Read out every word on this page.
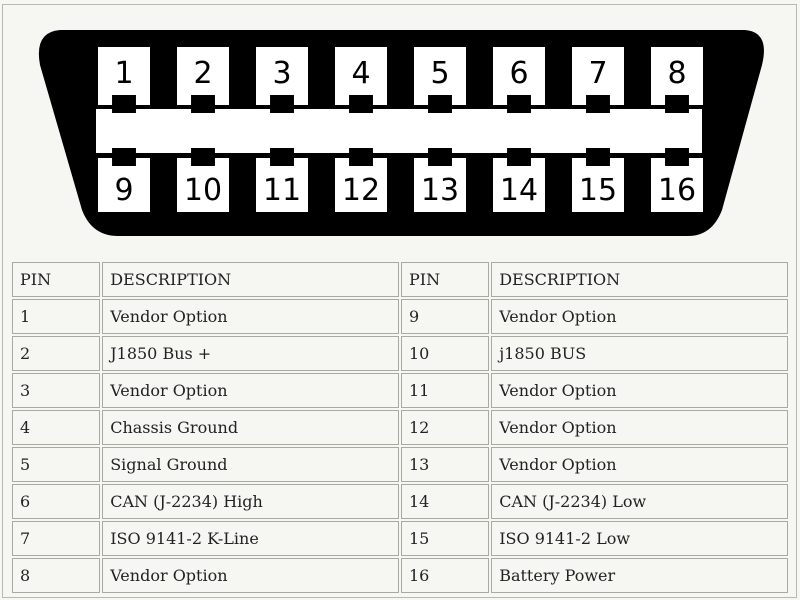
1 2 3 4 5 6 7 8
9 10 11 12 13 14 15 16
PIN	DESCRIPTION	PIN	DESCRIPTION
1	Vendor Option	9	Vendor Option
2	J1850 Bus +	10	j1850 BUS
3	Vendor Option	11	Vendor Option
4	Chassis Ground	12	Vendor Option
5	Signal Ground	13	Vendor Option
6	CAN (J-2234) High	14	CAN (J-2234) Low
7	ISO 9141-2 K-Line	15	ISO 9141-2 Low
8	Vendor Option	16	Battery Power
